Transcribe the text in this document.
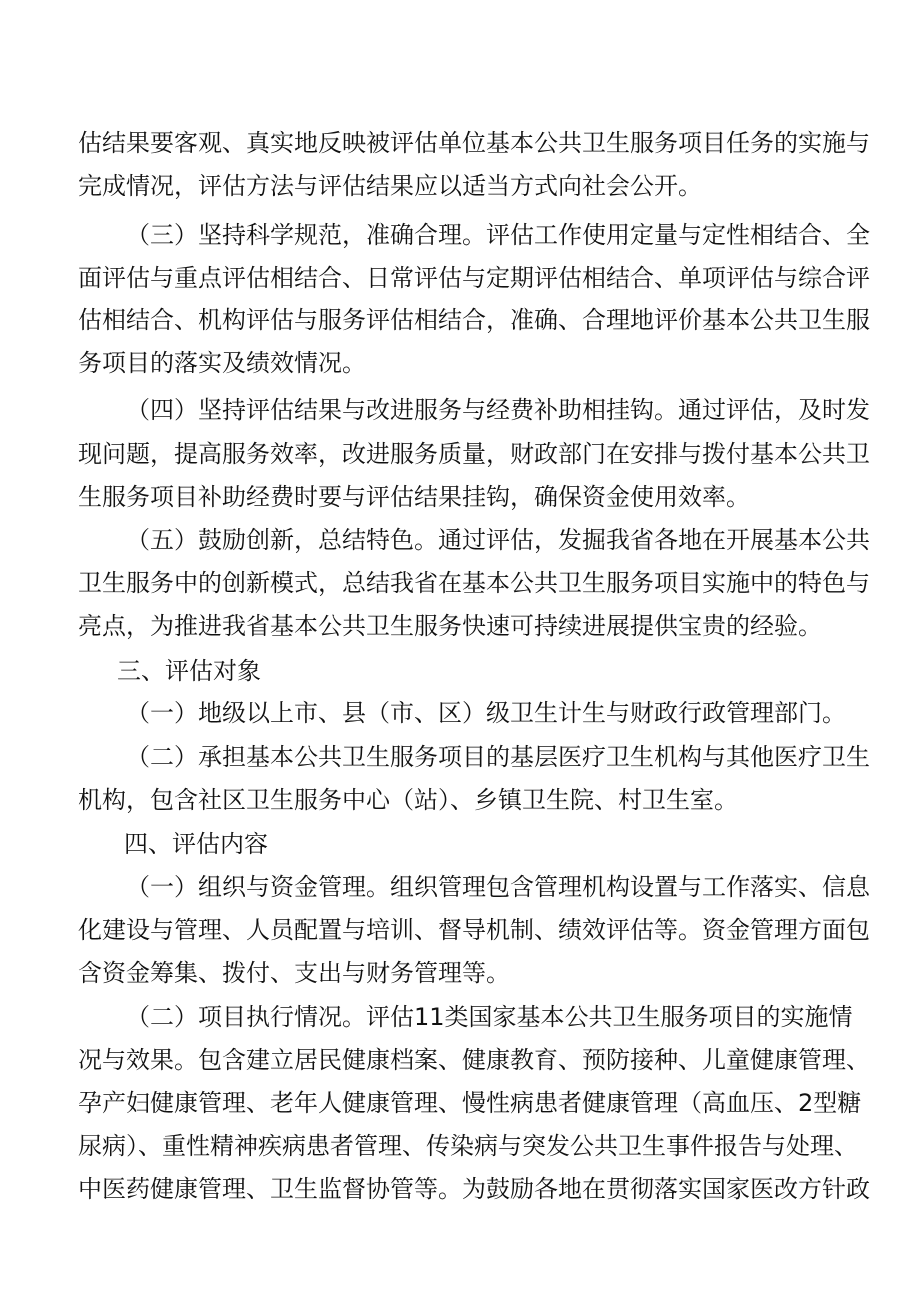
估结果要客观、真实地反映被评估单位基本公共卫生服务项目任务的实施与
完成情况，评估方法与评估结果应以适当方式向社会公开。
（三）坚持科学规范，准确合理。评估工作使用定量与定性相结合、全
面评估与重点评估相结合、日常评估与定期评估相结合、单项评估与综合评
估相结合、机构评估与服务评估相结合，准确、合理地评价基本公共卫生服
务项目的落实及绩效情况。
（四）坚持评估结果与改进服务与经费补助相挂钩。通过评估，及时发
现问题，提高服务效率，改进服务质量，财政部门在安排与拨付基本公共卫
生服务项目补助经费时要与评估结果挂钩，确保资金使用效率。
（五）鼓励创新，总结特色。通过评估，发掘我省各地在开展基本公共
卫生服务中的创新模式，总结我省在基本公共卫生服务项目实施中的特色与
亮点，为推进我省基本公共卫生服务快速可持续进展提供宝贵的经验。
三、评估对象
（一）地级以上市、县（市、区）级卫生计生与财政行政管理部门。
（二）承担基本公共卫生服务项目的基层医疗卫生机构与其他医疗卫生
机构，包含社区卫生服务中心（站）、乡镇卫生院、村卫生室。
四、评估内容
（一）组织与资金管理。组织管理包含管理机构设置与工作落实、信息
化建设与管理、人员配置与培训、督导机制、绩效评估等。资金管理方面包
含资金筹集、拨付、支出与财务管理等。
（二）项目执行情况。评估11类国家基本公共卫生服务项目的实施情
况与效果。包含建立居民健康档案、健康教育、预防接种、儿童健康管理、
孕产妇健康管理、老年人健康管理、慢性病患者健康管理（高血压、2型糖
尿病）、重性精神疾病患者管理、传染病与突发公共卫生事件报告与处理、
中医药健康管理、卫生监督协管等。为鼓励各地在贯彻落实国家医改方针政
